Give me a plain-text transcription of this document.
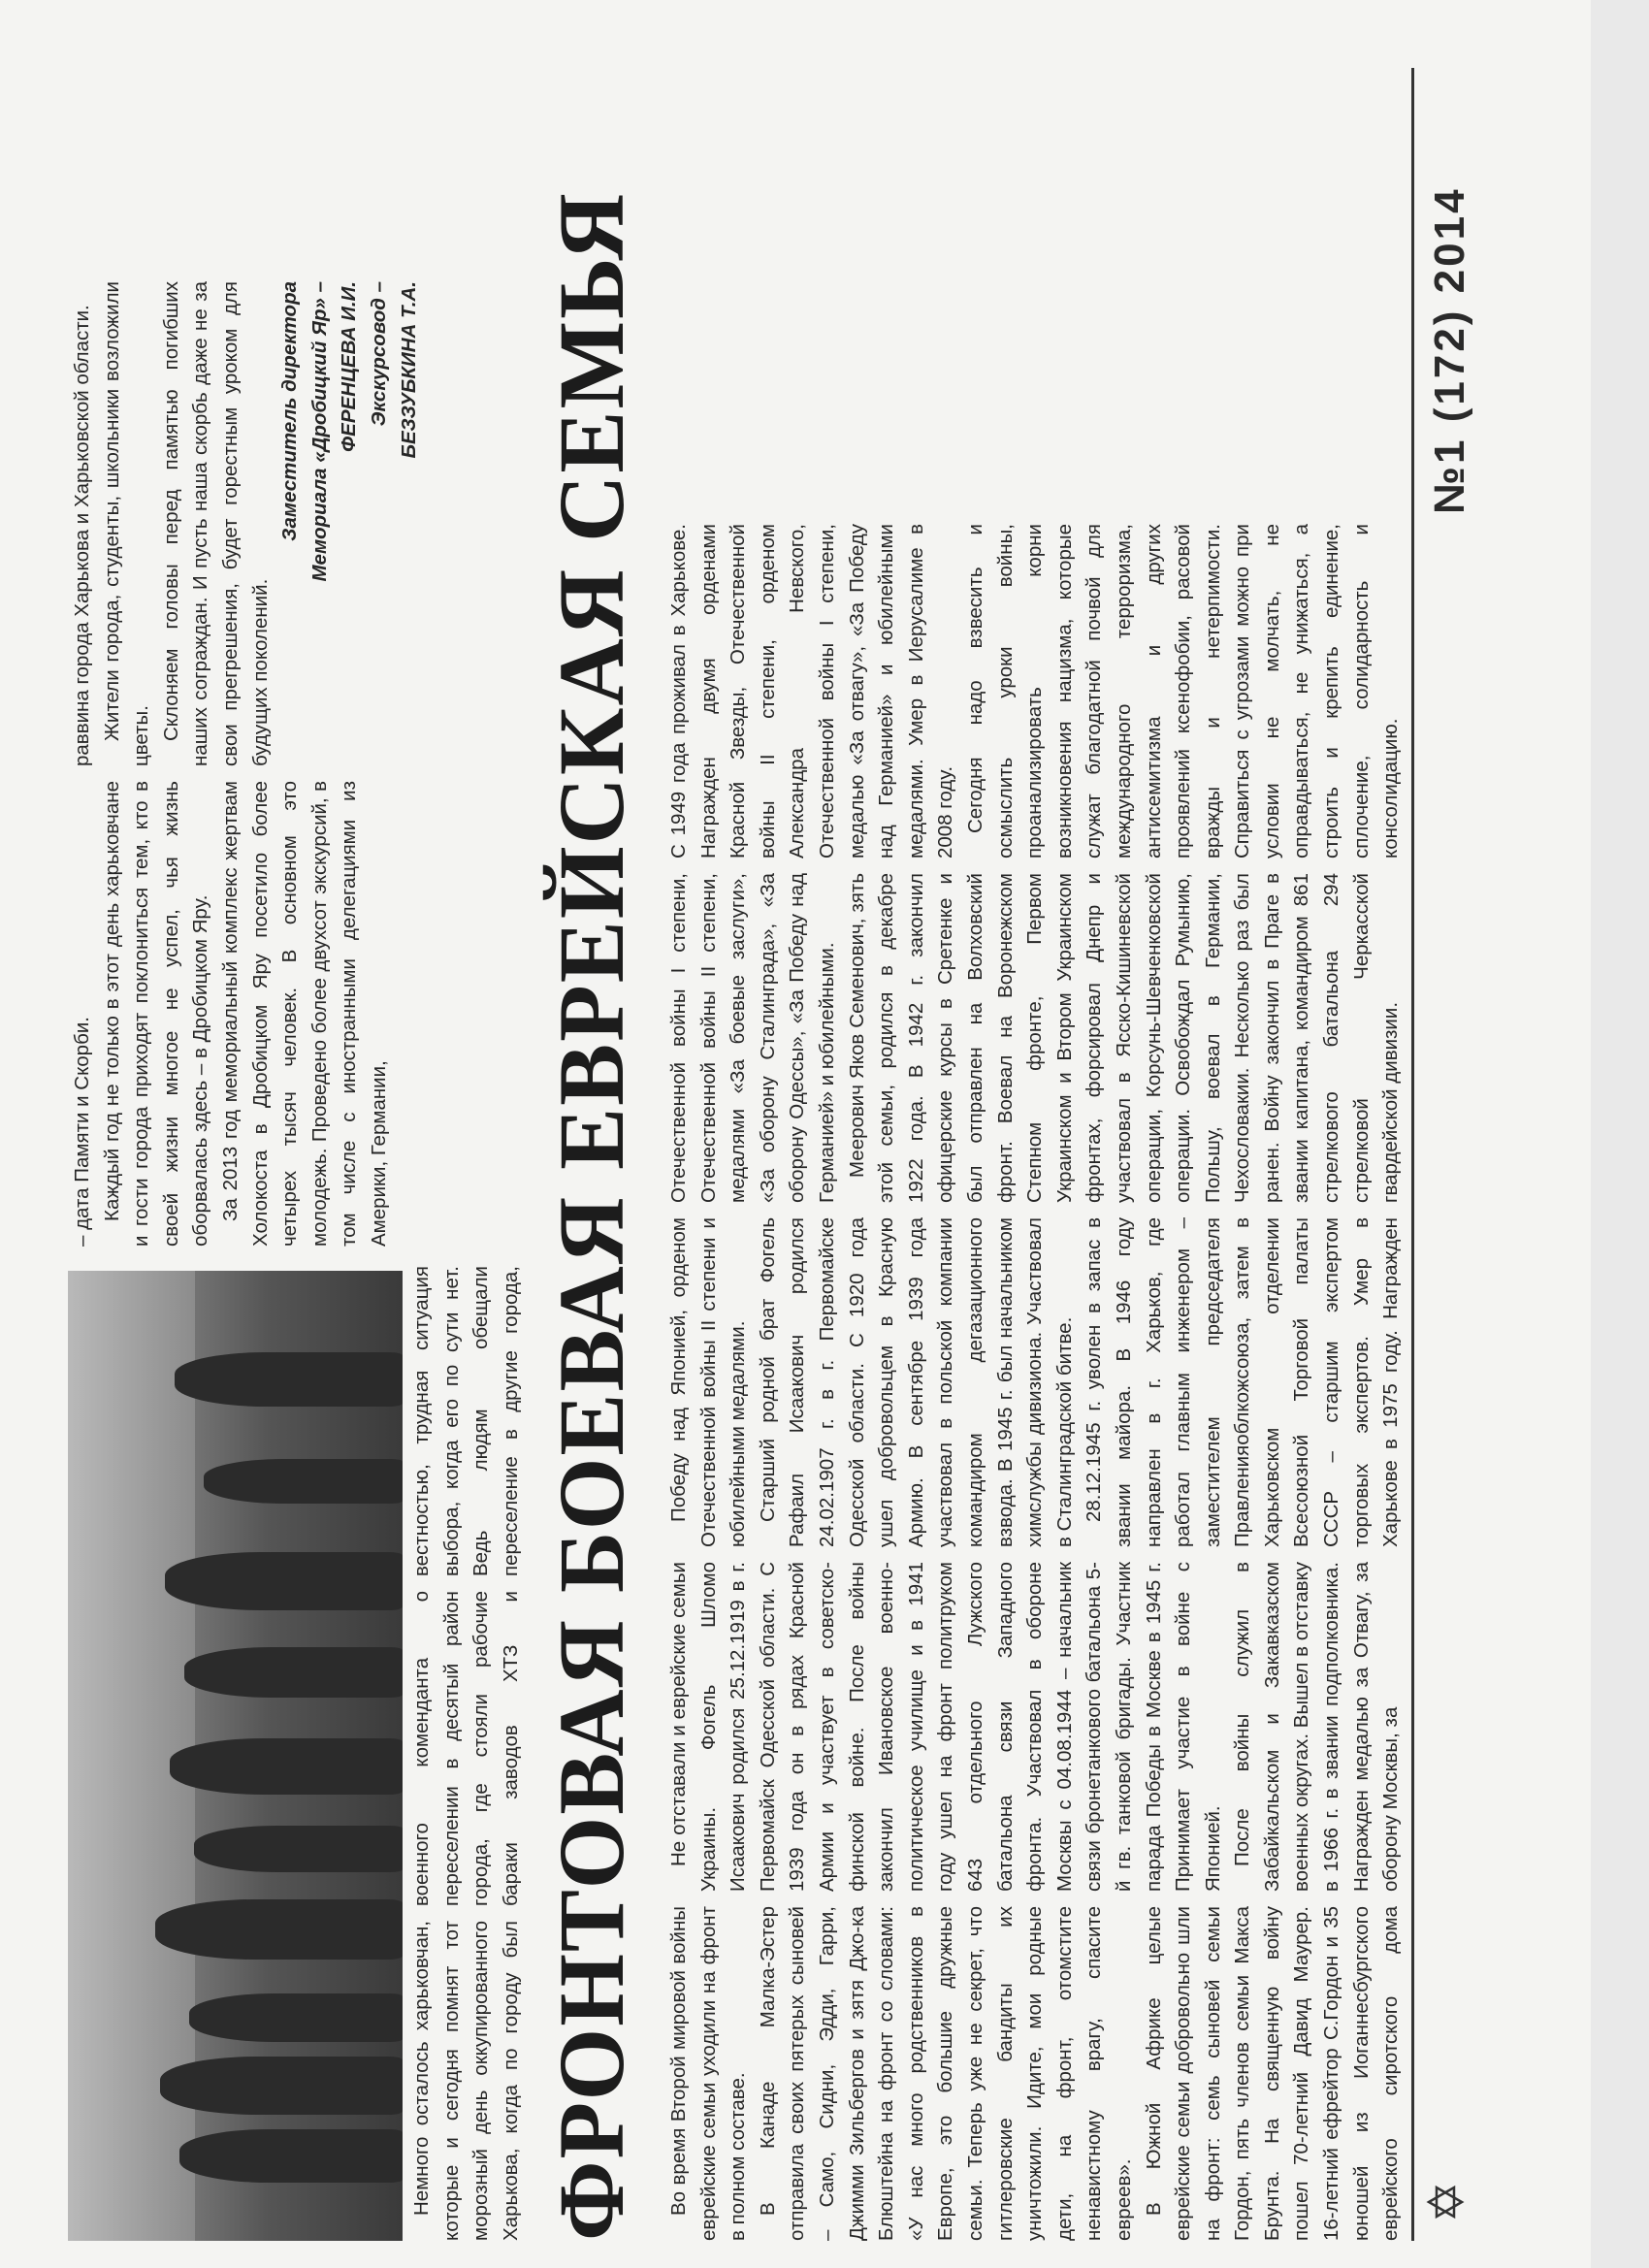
Немного осталось харьковчан, которые и сегодня помнят тот морозный день оккупированного Харькова, когда по городу был

военного коменданта о переселении в десятый район города, где стояли рабочие бараки заводов ХТЗ и

вестностью, трудная ситуация выбора, когда его по сути нет. Ведь людям обещали переселение в другие города,

– дата Памяти и Скорби. Каждый год не только в этот день харьковчане и гости города приходят поклониться тем, кто в своей жизни многое не успел, чья жизнь оборвалась здесь – в Дробицком Яру. За 2013 год мемориальный комплекс жертвам Холокоста в Дробицком Яру посетило более четырех тысяч человек. В основном это молодежь. Проведено более двухсот экскурсий, в том числе с иностранными делегациями из Америки, Германии,

раввина города Харькова и Харьковской области. Жители города, студенты, школьники возложили цветы. Склоняем головы перед памятью погибших наших сограждан. И пусть наша скорбь даже не за свои прегрешения, будет горестным уроком для будущих поколений.

Заместитель директора Мемориала «Дробицкий Яр» – ФЕРЕНЦЕВА И.И. Экскурсовод – БЕЗЗУБКИНА Т.А. ФРОНТОВАЯ БОЕВАЯ ЕВРЕЙСКАЯ СЕМЬЯ	Во время Второй мировой войны еврейские семьи уходили на фронт в полном составе. В Канаде Малка-Эстер отправила своих пятерых сыновей – Само, Сидни, Эдди, Гарри, Джимми Зильбергов и зятя Джо-ка Блюштейна на фронт со словами: «У нас много родственников в Европе, это большие дружные семьи. Теперь уже не секрет, что гитлеровские бандиты их уничтожили. Идите, мои родные дети, на фронт, отомстите ненавистному врагу, спасите евреев». В Южной Африке целые еврейские семьи добровольно шли на фронт: семь сыновей семьи Гордон, пять членов семьи Макса Брунта. На священную войну пошел 70-летний Давид Маурер. 16-летний ефрейтор С.Гордон и 35 юношей из Иоганнесбургского еврейского сиротского дома

Не отставали и еврейские семьи Украины. Фогель Шломо Исаакович родился 25.12.1919 в г. Первомайск Одесской области. С 1939 года он в рядах Красной Армии и участвует в советско-финской войне. После войны закончил Ивановское военно-политическое училище и в 1941 году ушел на фронт политруком 643 отдельного Лужского батальона связи Западного фронта. Участвовал в обороне Москвы с 04.08.1944 – начальник связи бронетанкового батальона 5-й гв. танковой бригады. Участник парада Победы в Москве в 1945 г. Принимает участие в войне с Японией. После войны служил в Забайкальском и Закавказском военных округах. Вышел в отставку в 1966 г. в звании подполковника. Награжден медалью за Отвагу, за оборону Москвы, за

Победу над Японией, орденом Отечественной войны II степени и юбилейными медалями. Старший родной брат Фогель Рафаил Исаакович родился 24.02.1907 г. в г. Первомайске Одесской области. С 1920 года ушел добровольцем в Красную Армию. В сентябре 1939 года участвовал в польской компании командиром дегазационного взвода. В 1945 г. был начальником химслужбы дивизиона. Участвовал в Сталинградской битве. 28.12.1945 г. уволен в запас в звании майора. В 1946 году направлен в г. Харьков, где работал главным инженером – заместителем председателя Правленияоблкожсоюза, затем в Харьковском отделении Всесоюзной Торговой палаты СССР – старшим экспертом торговых экспертов. Умер в Харькове в 1975 году. Награжден

Отечественной войны I степени, Отечественной войны II степени, медалями «За боевые заслуги», «За оборону Сталинграда», «За оборону Одессы», «За Победу над Германией» и юбилейными. Меерович Яков Семенович, зять этой семьи, родился в декабре 1922 года. В 1942 г. закончил офицерские курсы в Сретенке и был отправлен на Волховский фронт. Воевал на Воронежском Степном фронте, Первом Украинском и Втором Украинском фронтах, форсировал Днепр и участвовал в Ясско-Кишиневской операции, Корсунь-Шевченковской операции. Освобождал Румынию, Польшу, воевал в Германии, Чехословакии. Несколько раз был ранен. Войну закончил в Праге в звании капитана, командиром 861 стрелкового батальона 294 стрелковой Черкасской гвардейской дивизии.

С 1949 года проживал в Харькове. Награжден двумя орденами Красной Звезды, Отечественной войны II степени, орденом Александра Невского, Отечественной войны I степени, медалью «За отвагу», «За Победу над Германией» и юбилейными медалями. Умер в Иерусалиме в 2008 году. Сегодня надо взвесить и осмыслить уроки войны, проанализировать корни возникновения нацизма, которые служат благодатной почвой для международного терроризма, антисемитизма и других проявлений ксенофобии, расовой вражды и нетерпимости. Справиться с угрозами можно при условии не молчать, не оправдываться, не унижаться, а строить и крепить единение, сплочение, солидарность и консолидацию.

№1 (172) 2014
